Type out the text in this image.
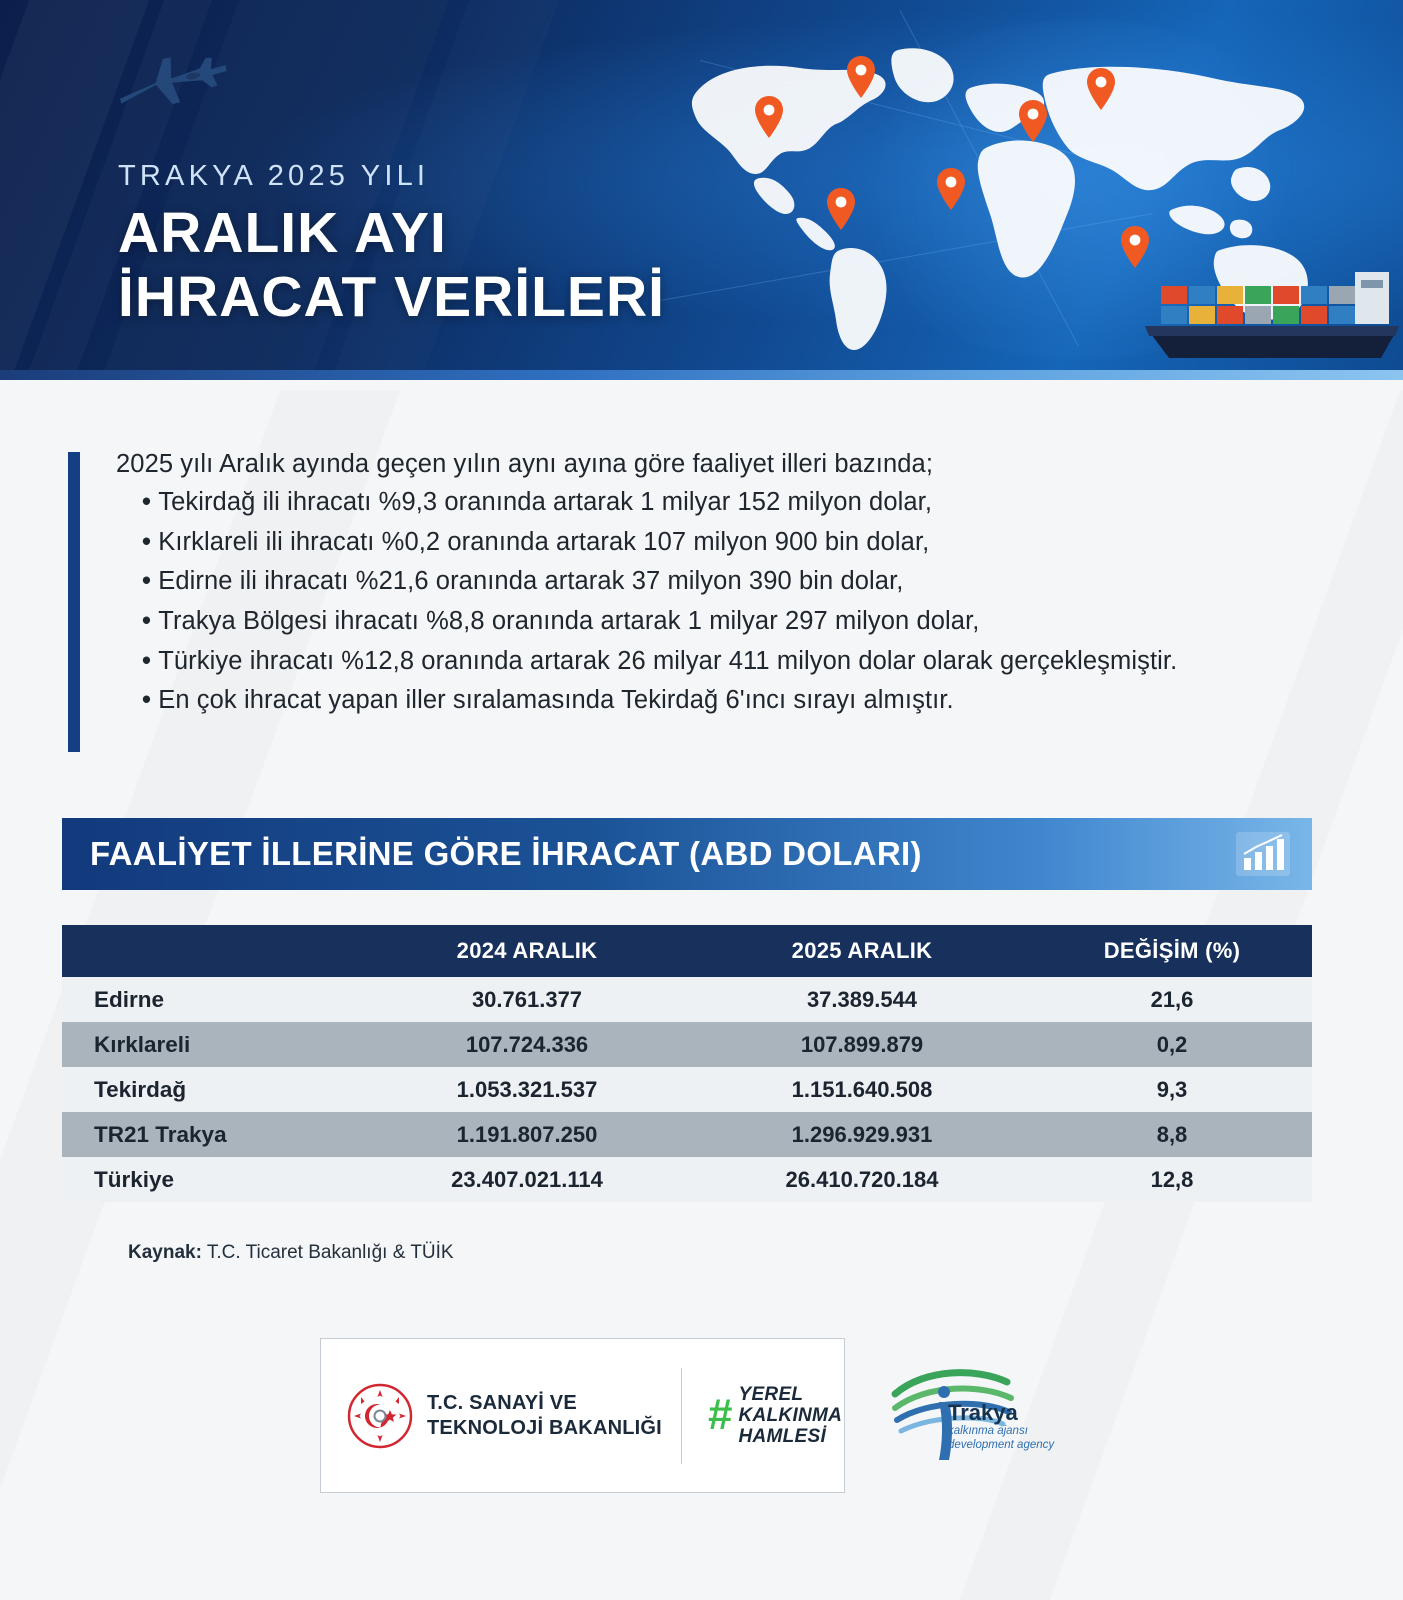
TRAKYA 2025 YILI
ARALIK AYI
İHRACAT VERİLERİ
2025 yılı Aralık ayında geçen yılın aynı ayına göre faaliyet illeri bazında;
• Tekirdağ ili ihracatı %9,3 oranında artarak 1 milyar 152 milyon dolar,
• Kırklareli ili ihracatı %0,2 oranında artarak 107 milyon 900 bin dolar,
• Edirne ili ihracatı %21,6 oranında artarak 37 milyon 390 bin dolar,
• Trakya Bölgesi ihracatı %8,8 oranında artarak 1 milyar 297 milyon dolar,
• Türkiye ihracatı %12,8 oranında artarak 26 milyar 411 milyon dolar olarak gerçekleşmiştir.
• En çok ihracat yapan iller sıralamasında Tekirdağ 6'ıncı sırayı almıştır.
FAALİYET İLLERİNE GÖRE İHRACAT (ABD DOLARI)
	2024 ARALIK	2025 ARALIK	DEĞİŞİM (%)
Edirne	30.761.377	37.389.544	21,6
Kırklareli	107.724.336	107.899.879	0,2
Tekirdağ	1.053.321.537	1.151.640.508	9,3
TR21 Trakya	1.191.807.250	1.296.929.931	8,8
Türkiye	23.407.021.114	26.410.720.184	12,8
Kaynak: T.C. Ticaret Bakanlığı & TÜİK
T.C. SANAYİ VE
TEKNOLOJİ BAKANLIĞI # YEREL
KALKINMA
HAMLESİ
Trakya
kalkınma ajansı
development agency
